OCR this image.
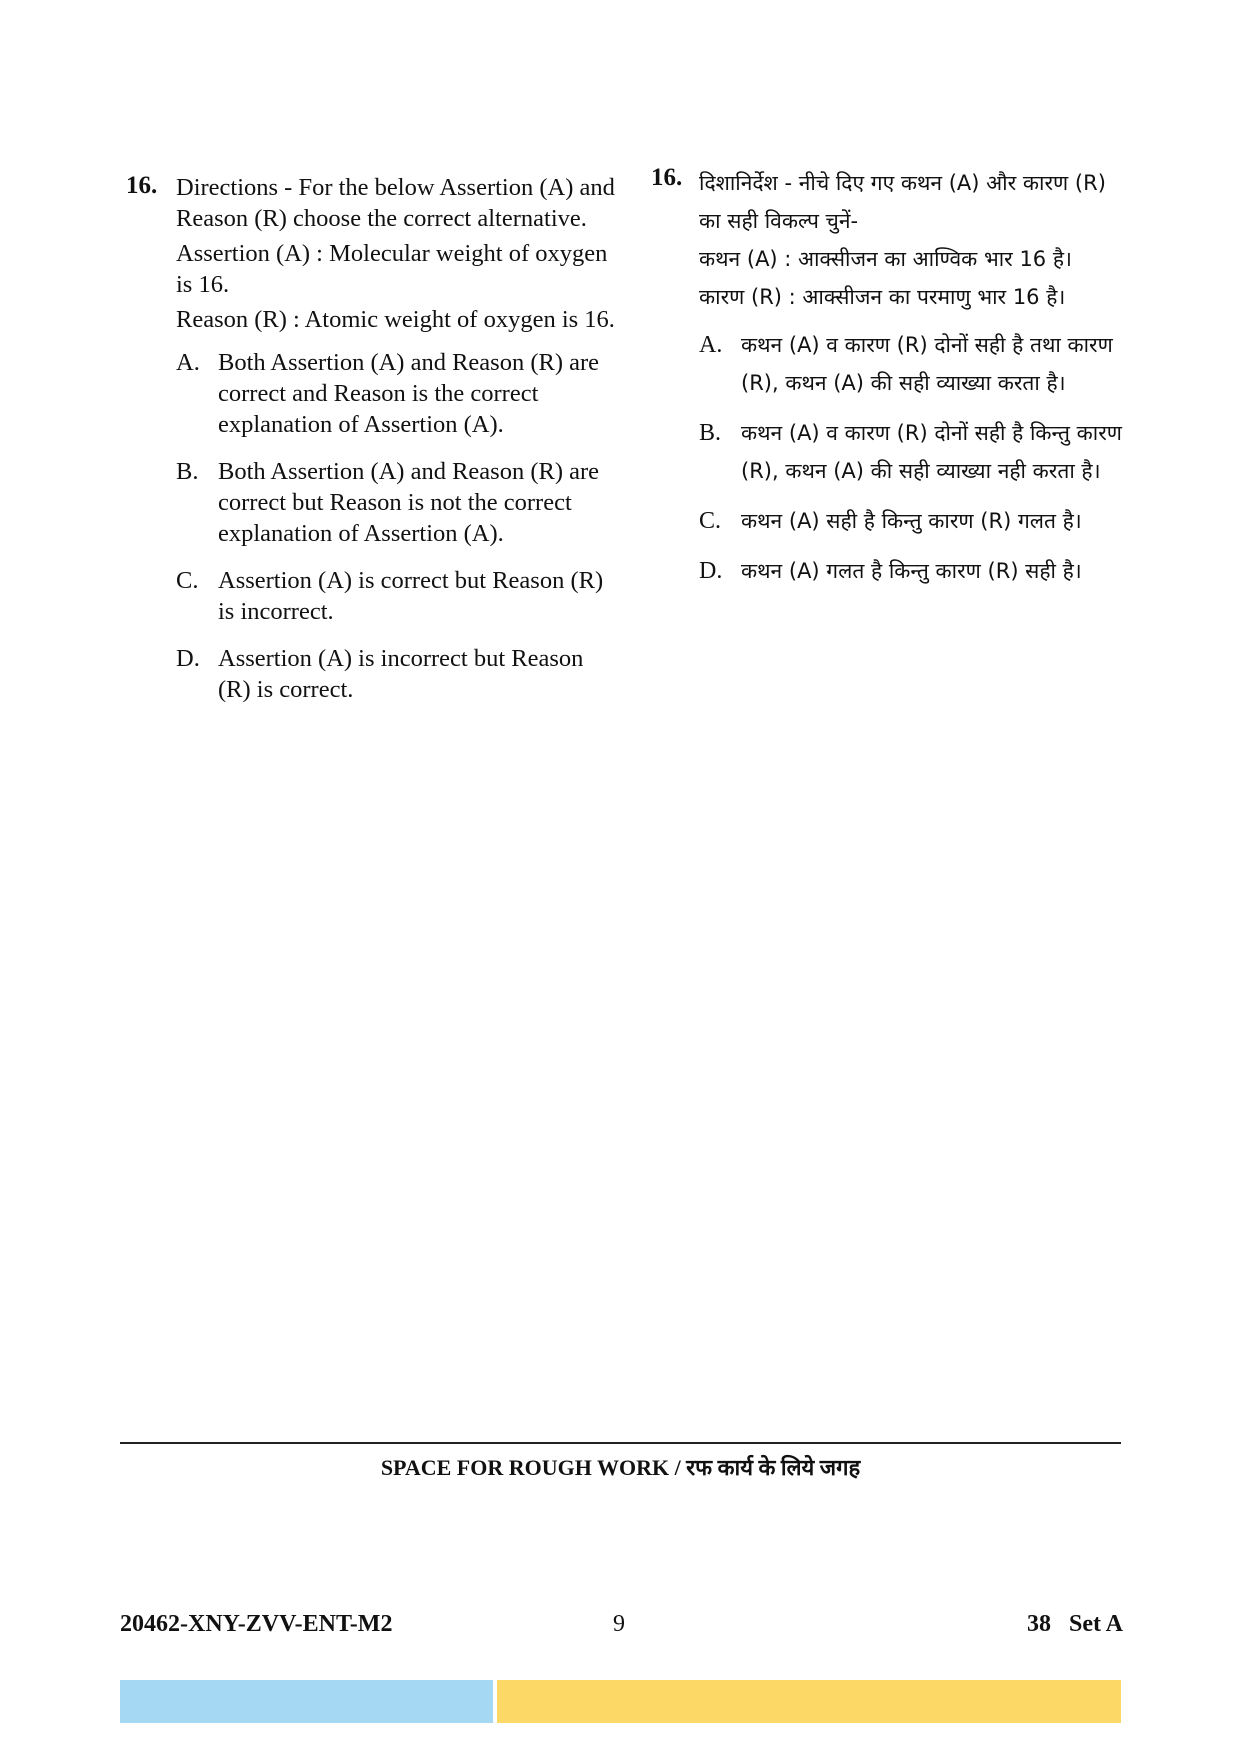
16. Directions - For the below Assertion (A) and Reason (R) choose the correct alternative.
Assertion (A) : Molecular weight of oxygen is 16.
Reason (R) : Atomic weight of oxygen is 16.
A. Both Assertion (A) and Reason (R) are correct and Reason is the correct explanation of Assertion (A).
B. Both Assertion (A) and Reason (R) are correct but Reason is not the correct explanation of Assertion (A).
C. Assertion (A) is correct but Reason (R) is incorrect.
D. Assertion (A) is incorrect but Reason (R) is correct.
16. दिशानिर्देश - नीचे दिए गए कथन (A) और कारण (R) का सही विकल्प चुनें-
कथन (A) : आक्सीजन का आण्विक भार 16 है।
कारण (R) : आक्सीजन का परमाणु भार 16 है।
A. कथन (A) व कारण (R) दोनों सही है तथा कारण (R), कथन (A) की सही व्याख्या करता है।
B. कथन (A) व कारण (R) दोनों सही है किन्तु कारण (R), कथन (A) की सही व्याख्या नही करता है।
C. कथन (A) सही है किन्तु कारण (R) गलत है।
D. कथन (A) गलत है किन्तु कारण (R) सही है।
SPACE FOR ROUGH WORK / रफ कार्य के लिये जगह
20462-XNY-ZVV-ENT-M2	9	38   Set A
